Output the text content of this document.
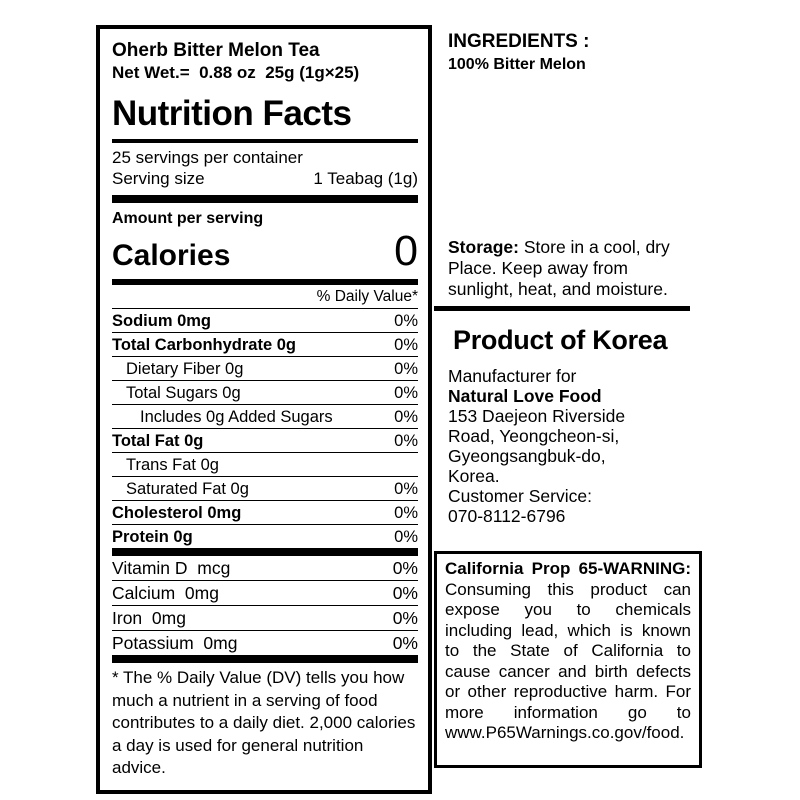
Oherb Bitter Melon Tea
Net Wet.=  0.88 oz  25g (1g×25)
Nutrition Facts
25 servings per container
Serving size	1 Teabag (1g)
Amount per serving
Calories	0
% Daily Value*
Sodium 0mg	0%
Total Carbonhydrate 0g	0%
Dietary Fiber 0g	0%
Total Sugars 0g	0%
Includes 0g Added Sugars	0%
Total Fat 0g	0%
Trans Fat 0g
Saturated Fat 0g	0%
Cholesterol 0mg	0%
Protein 0g	0%
Vitamin D  mcg	0%
Calcium  0mg	0%
Iron  0mg	0%
Potassium  0mg	0%
* The % Daily Value (DV) tells you how much a nutrient in a serving of food contributes to a daily diet. 2,000 calories a day is used for general nutrition advice.
INGREDIENTS :
100% Bitter Melon
Storage: Store in a cool, dry Place. Keep away from sunlight, heat, and moisture.
Product of Korea
Manufacturer for
Natural Love Food
153 Daejeon Riverside
Road, Yeongcheon-si,
Gyeongsangbuk-do,
Korea.
Customer Service:
070-8112-6796
California Prop 65-WARNING: Consuming this product can expose you to chemicals including lead, which is known to the State of California to cause cancer and birth defects or other reproductive harm. For more information go to www.P65Warnings.co.gov/food.
